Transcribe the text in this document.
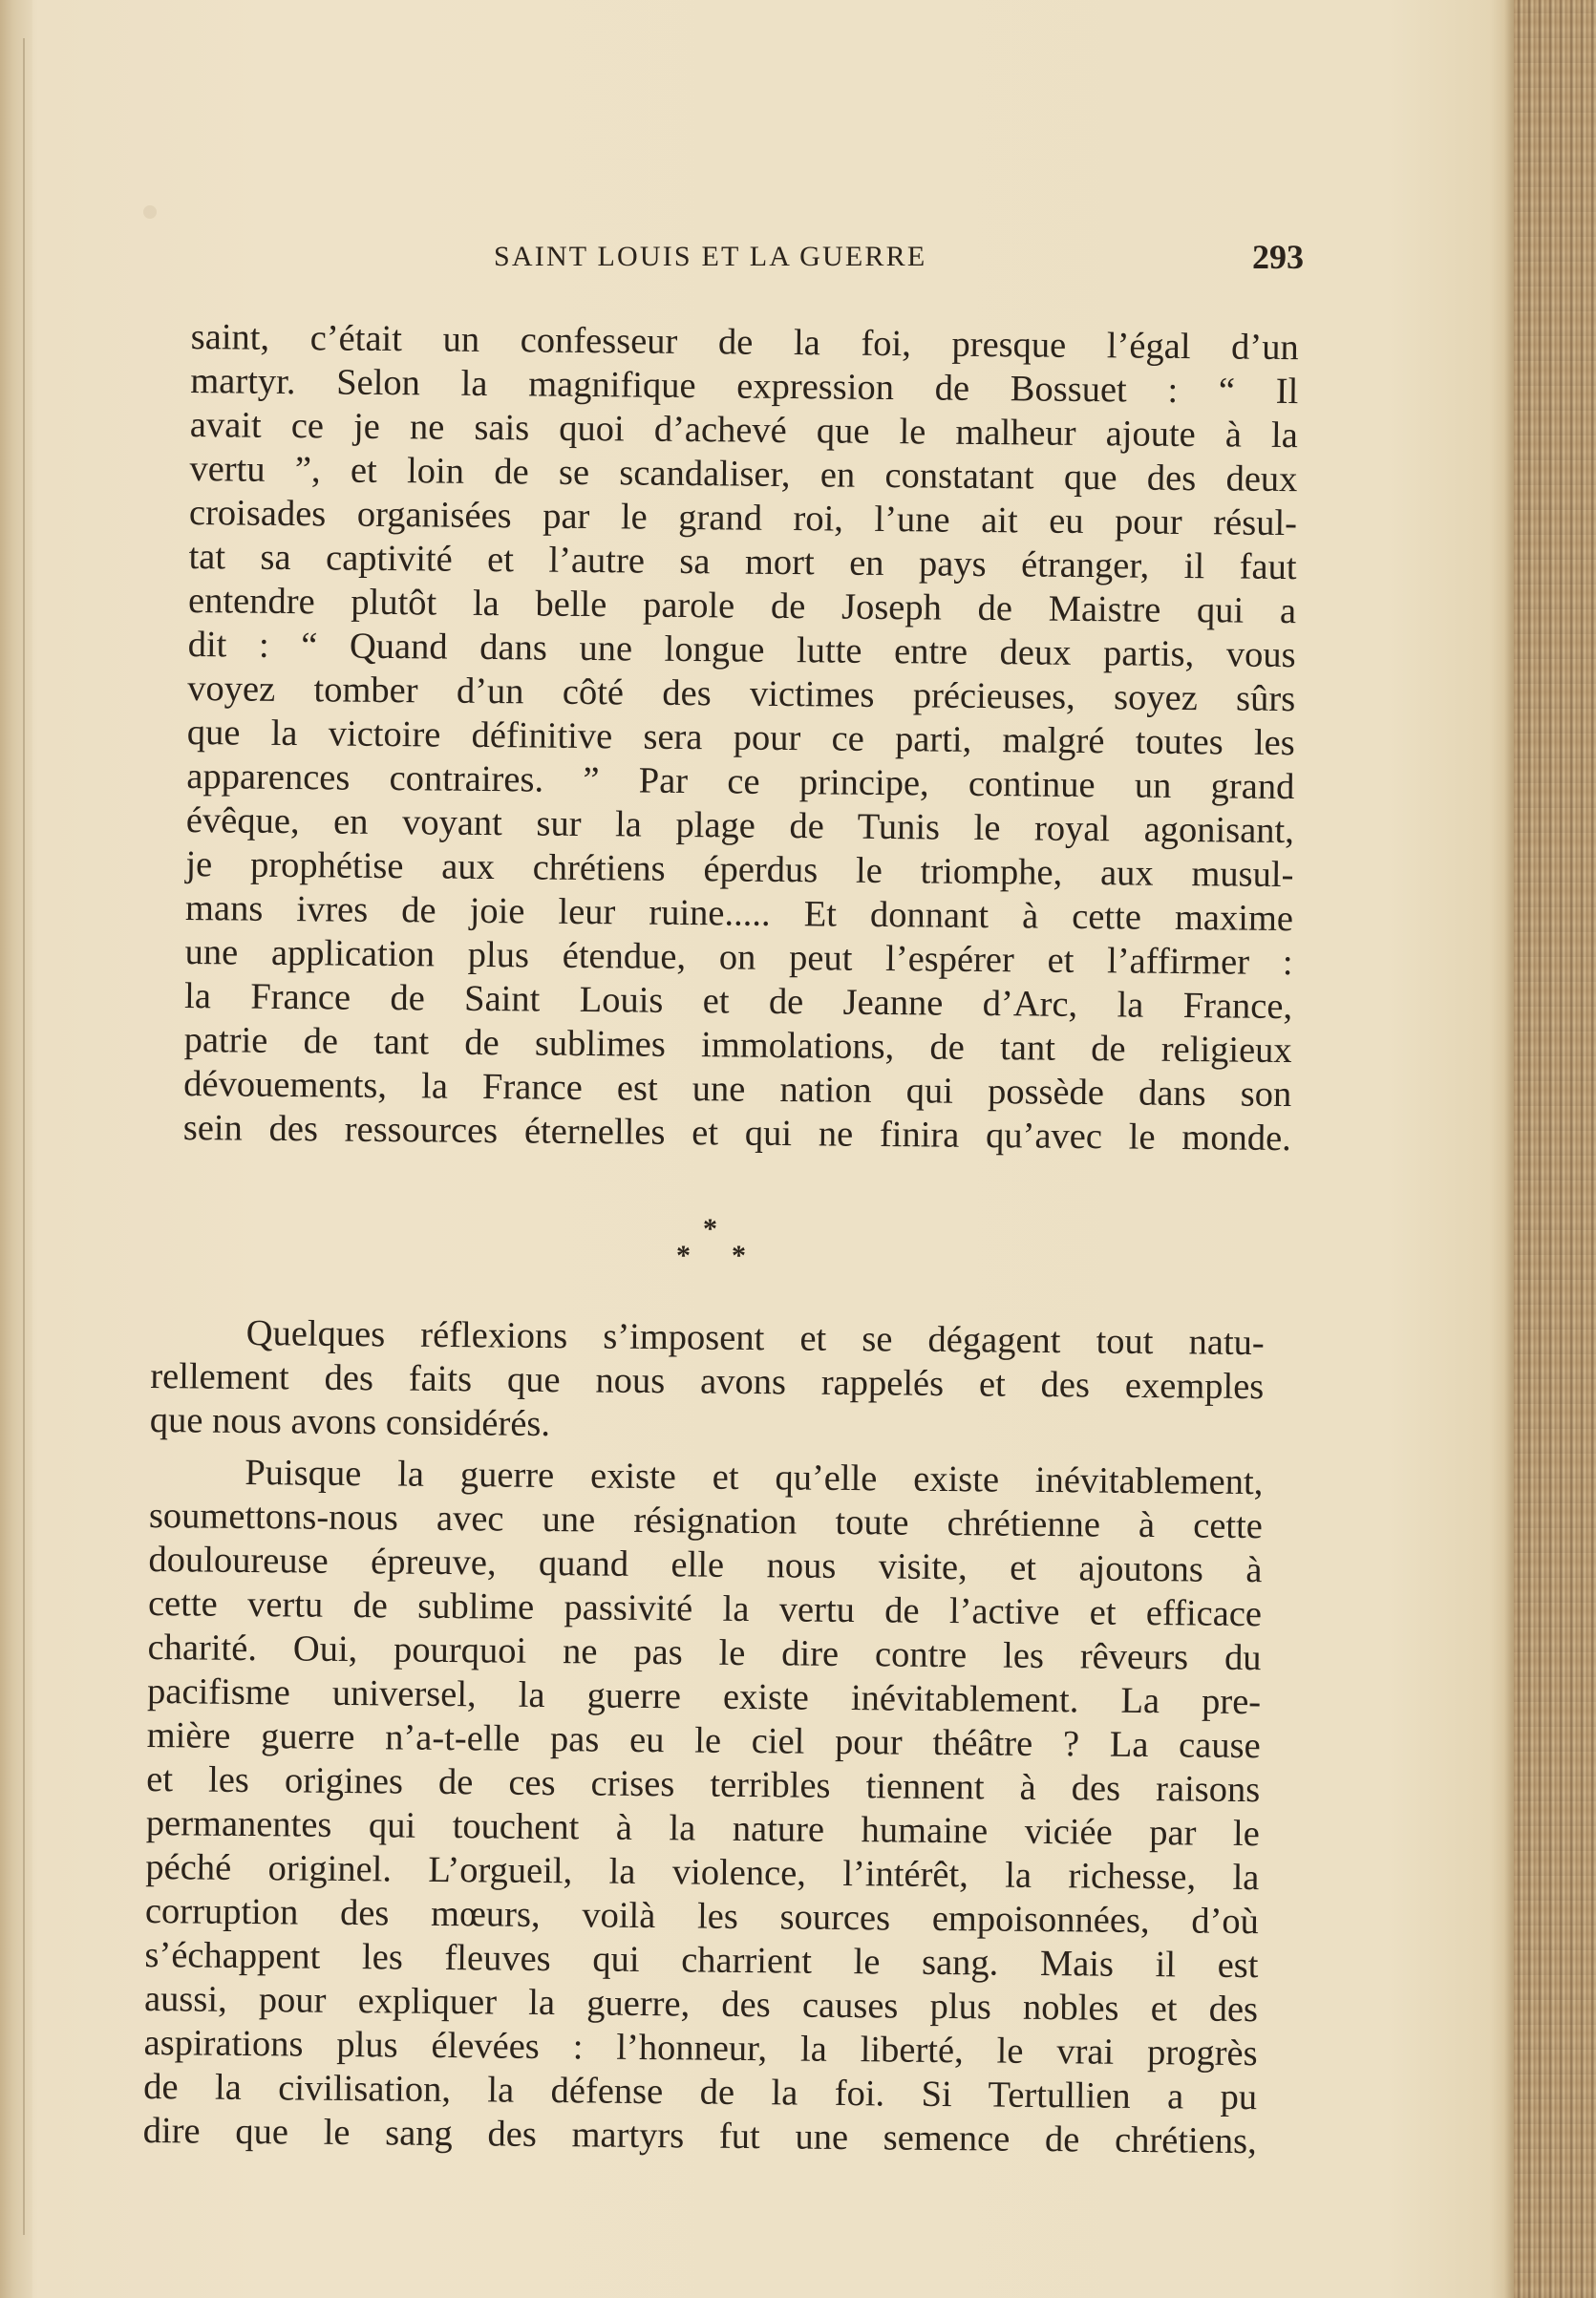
SAINT LOUIS ET LA GUERRE	293
saint, c’était un confesseur de la foi, presque l’égal d’un
martyr. Selon la magnifique expression de Bossuet : “ Il
avait ce je ne sais quoi d’achevé que le malheur ajoute à la
vertu ”, et loin de se scandaliser, en constatant que des deux
croisades organisées par le grand roi, l’une ait eu pour résul-
tat sa captivité et l’autre sa mort en pays étranger, il faut
entendre plutôt la belle parole de Joseph de Maistre qui a
dit : “ Quand dans une longue lutte entre deux partis, vous
voyez tomber d’un côté des victimes précieuses, soyez sûrs
que la victoire définitive sera pour ce parti, malgré toutes les
apparences contraires. ” Par ce principe, continue un grand
évêque, en voyant sur la plage de Tunis le royal agonisant,
je prophétise aux chrétiens éperdus le triomphe, aux musul-
mans ivres de joie leur ruine..... Et donnant à cette maxime
une application plus étendue, on peut l’espérer et l’affirmer :
la France de Saint Louis et de Jeanne d’Arc, la France,
patrie de tant de sublimes immolations, de tant de religieux
dévouements, la France est une nation qui possède dans son
sein des ressources éternelles et qui ne finira qu’avec le monde.
*
* *
Quelques réflexions s’imposent et se dégagent tout natu-
rellement des faits que nous avons rappelés et des exemples
que nous avons considérés.
Puisque la guerre existe et qu’elle existe inévitablement,
soumettons-nous avec une résignation toute chrétienne à cette
douloureuse épreuve, quand elle nous visite, et ajoutons à
cette vertu de sublime passivité la vertu de l’active et efficace
charité. Oui, pourquoi ne pas le dire contre les rêveurs du
pacifisme universel, la guerre existe inévitablement. La pre-
mière guerre n’a-t-elle pas eu le ciel pour théâtre ? La cause
et les origines de ces crises terribles tiennent à des raisons
permanentes qui touchent à la nature humaine viciée par le
péché originel. L’orgueil, la violence, l’intérêt, la richesse, la
corruption des mœurs, voilà les sources empoisonnées, d’où
s’échappent les fleuves qui charrient le sang. Mais il est
aussi, pour expliquer la guerre, des causes plus nobles et des
aspirations plus élevées : l’honneur, la liberté, le vrai progrès
de la civilisation, la défense de la foi. Si Tertullien a pu
dire que le sang des martyrs fut une semence de chrétiens,
